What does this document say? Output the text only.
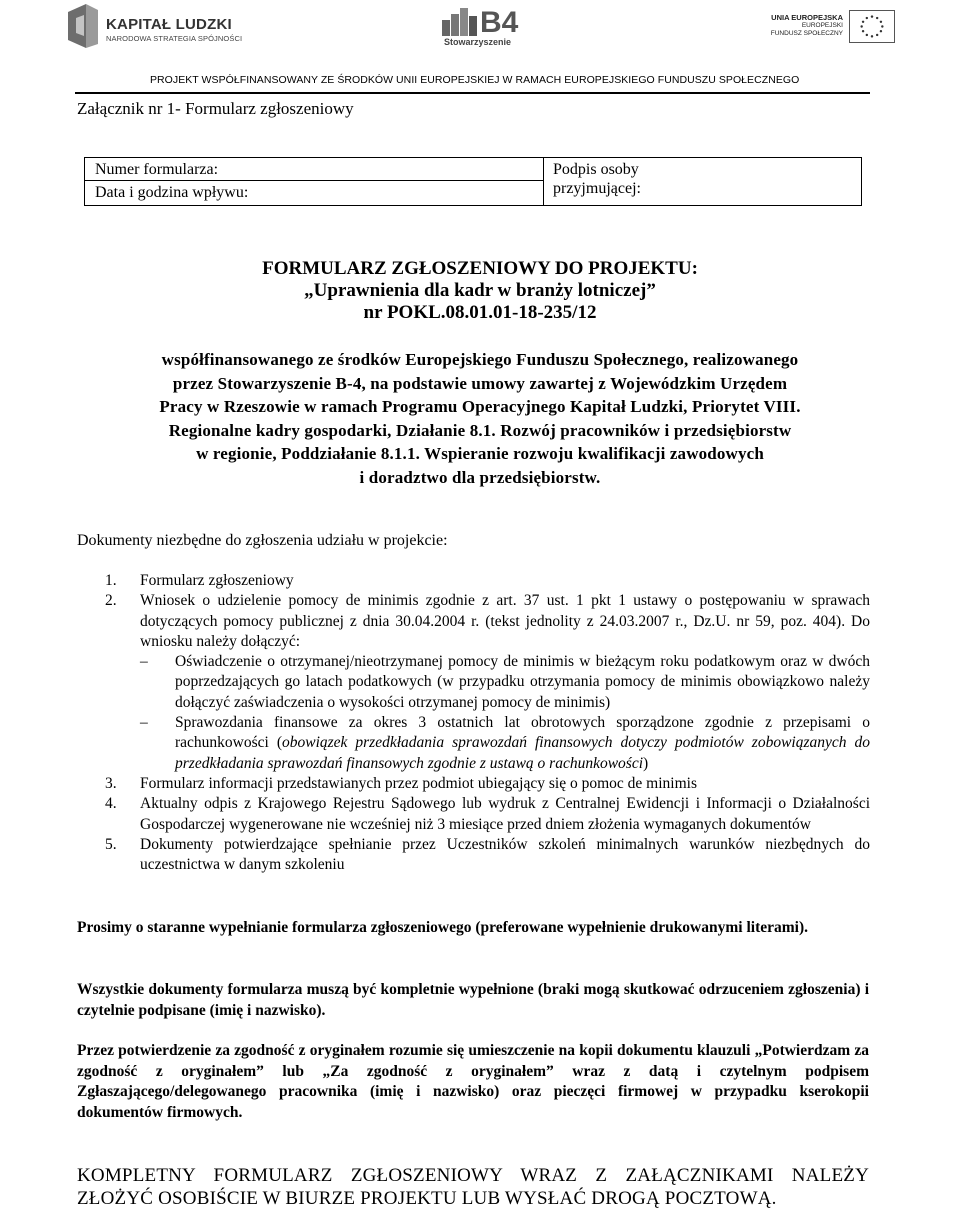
KAPITAŁ LUDZKI
NARODOWA STRATEGIA SPÓJNOŚCI	B4
Stowarzyszenie
UNIA EUROPEJSKA
EUROPEJSKI
FUNDUSZ SPOŁECZNY
PROJEKT WSPÓŁFINANSOWANY ZE ŚRODKÓW UNII EUROPEJSKIEJ W RAMACH EUROPEJSKIEGO FUNDUSZU SPOŁECZNEGO
Załącznik nr 1- Formularz zgłoszeniowy
Numer formularza:
Data i godzina wpływu:
Podpis osoby
przyjmującej:
FORMULARZ ZGŁOSZENIOWY DO PROJEKTU:
„Uprawnienia dla kadr w branży lotniczej”
nr POKL.08.01.01-18-235/12
współfinansowanego ze środków Europejskiego Funduszu Społecznego, realizowanego
przez Stowarzyszenie B-4, na podstawie umowy zawartej z Wojewódzkim Urzędem
Pracy w Rzeszowie w ramach Programu Operacyjnego Kapitał Ludzki, Priorytet VIII.
Regionalne kadry gospodarki, Działanie 8.1. Rozwój pracowników i przedsiębiorstw
w regionie, Poddziałanie 8.1.1. Wspieranie rozwoju kwalifikacji zawodowych
i doradztwo dla przedsiębiorstw.
Dokumenty niezbędne do zgłoszenia udziału w projekcie:
1. Formularz zgłoszeniowy
2. Wniosek o udzielenie pomocy de minimis zgodnie z art. 37 ust. 1 pkt 1 ustawy o postępowaniu w sprawach dotyczących pomocy publicznej z dnia 30.04.2004 r. (tekst jednolity z 24.03.2007 r., Dz.U. nr 59, poz. 404). Do wniosku należy dołączyć:
– Oświadczenie o otrzymanej/nieotrzymanej pomocy de minimis w bieżącym roku podatkowym oraz w dwóch poprzedzających go latach podatkowych (w przypadku otrzymania pomocy de minimis obowiązkowo należy dołączyć zaświadczenia o wysokości otrzymanej pomocy de minimis)
– Sprawozdania finansowe za okres 3 ostatnich lat obrotowych sporządzone zgodnie z przepisami o rachunkowości (obowiązek przedkładania sprawozdań finansowych dotyczy podmiotów zobowiązanych do przedkładania sprawozdań finansowych zgodnie z ustawą o rachunkowości)
3. Formularz informacji przedstawianych przez podmiot ubiegający się o pomoc de minimis
4. Aktualny odpis z Krajowego Rejestru Sądowego lub wydruk z Centralnej Ewidencji i Informacji o Działalności Gospodarczej wygenerowane nie wcześniej niż 3 miesiące przed dniem złożenia wymaganych dokumentów
5. Dokumenty potwierdzające spełnianie przez Uczestników szkoleń minimalnych warunków niezbędnych do uczestnictwa w danym szkoleniu
Prosimy o staranne wypełnianie formularza zgłoszeniowego (preferowane wypełnienie drukowanymi literami).
Wszystkie dokumenty formularza muszą być kompletnie wypełnione (braki mogą skutkować odrzuceniem zgłoszenia) i czytelnie podpisane (imię i nazwisko).
Przez potwierdzenie za zgodność z oryginałem rozumie się umieszczenie na kopii dokumentu klauzuli „Potwierdzam za zgodność z oryginałem” lub „Za zgodność z oryginałem” wraz z datą i czytelnym podpisem Zgłaszającego/delegowanego pracownika (imię i nazwisko) oraz pieczęci firmowej w przypadku kserokopii dokumentów firmowych.
KOMPLETNY FORMULARZ ZGŁOSZENIOWY WRAZ Z ZAŁĄCZNIKAMI NALEŻY
ZŁOŻYĆ OSOBIŚCIE W BIURZE PROJEKTU LUB WYSŁAĆ DROGĄ POCZTOWĄ.
